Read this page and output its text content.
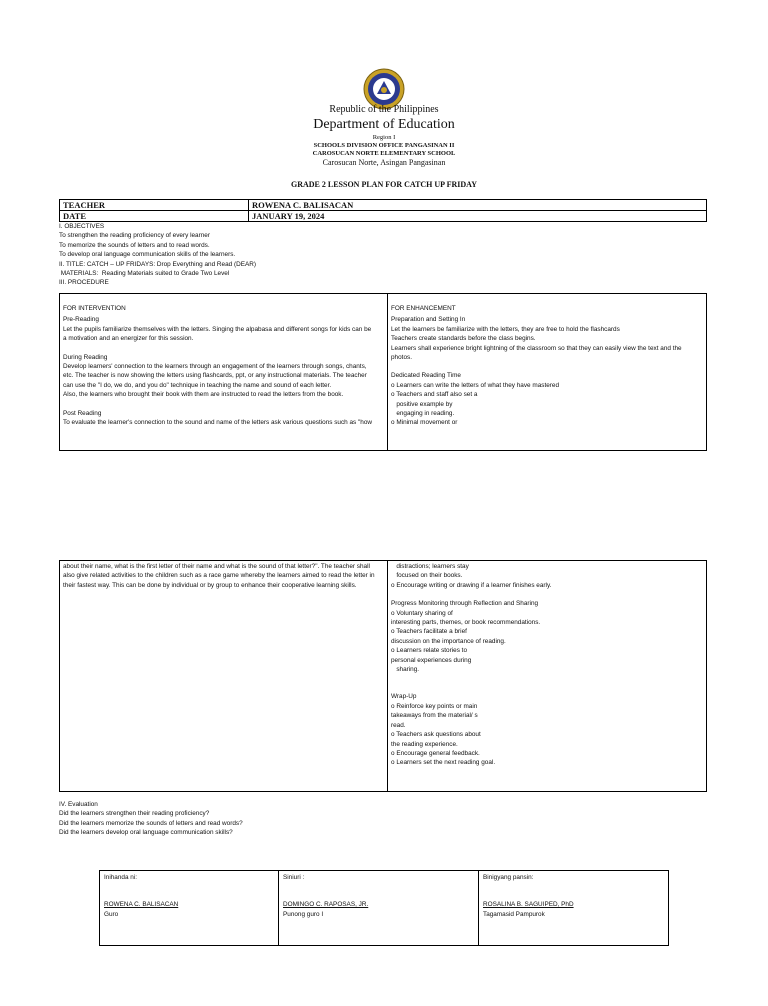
Republic of the Philippines
Department of Education
Region I
SCHOOLS DIVISION OFFICE PANGASINAN II
CAROSUCAN NORTE ELEMENTARY SCHOOL
Carosucan Norte, Asingan Pangasinan
GRADE 2 LESSON PLAN FOR CATCH UP FRIDAY
TEACHER	ROWENA C. BALISACAN
DATE	JANUARY 19, 2024
I. OBJECTIVES
To strengthen the reading proficiency of every learner
To memorize the sounds of letters and to read words.
To develop oral language communication skills of the learners.
II. TITLE: CATCH – UP FRIDAYS: Drop Everything and Read (DEAR)
MATERIALS:  Reading Materials suited to Grade Two Level
III. PROCEDURE
FOR INTERVENTION
Pre-Reading
Let the pupils familiarize themselves with the letters. Singing the alpabasa and different songs for kids can be
a motivation and an energizer for this session.
During Reading
Develop learners' connection to the learners through an engagement of the learners through songs, chants,
etc. The teacher is now showing the letters using flashcards, ppt, or any instructional materials. The teacher
can use the "I do, we do, and you do" technique in teaching the name and sound of each letter.
Also, the learners who brought their book with them are instructed to read the letters from the book.
Post Reading
To evaluate the learner's connection to the sound and name of the letters ask various questions such as "how
FOR ENHANCEMENT
Preparation and Setting In
Let the learners be familiarize with the letters, they are free to hold the flashcards
Teachers create standards before the class begins.
Learners shall experience bright lightning of the classroom so that they can easily view the text and the
photos.
Dedicated Reading Time
o Learners can write the letters of what they have mastered
o Teachers and staff also set a
positive example by
engaging in reading.
o Minimal movement or
about their name, what is the first letter of their name and what is the sound of that letter?". The teacher shall
also give related activities to the children such as a race game whereby the learners aimed to read the letter in
their fastest way. This can be done by individual or by group to enhance their cooperative learning skills.
distractions; learners stay
focused on their books.
o Encourage writing or drawing if a learner finishes early.
Progress Monitoring through Reflection and Sharing
o Voluntary sharing of
interesting parts, themes, or book recommendations.
o Teachers facilitate a brief
discussion on the importance of reading.
o Learners relate stories to
personal experiences during
sharing.
Wrap-Up
o Reinforce key points or main
takeaways from the material/ s
read.
o Teachers ask questions about
the reading experience.
o Encourage general feedback.
o Learners set the next reading goal.
IV. Evaluation
Did the learners strengthen their reading proficiency?
Did the learners memorize the sounds of letters and read words?
Did the learners develop oral language communication skills?
Inihanda ni:
ROWENA C. BALISACAN
Guro
Siniuri :
DOMINGO C. RAPOSAS, JR.
Punong guro I
Binigyang pansin:
ROSALINA B. SAGUIPED, PhD
Tagamasid Pampurok
